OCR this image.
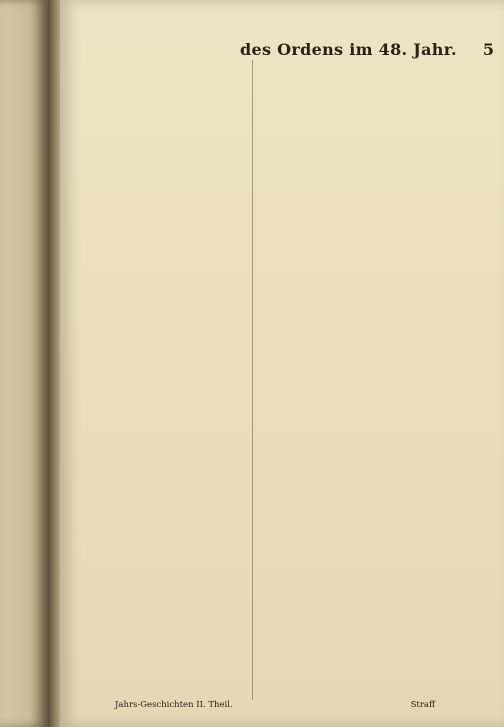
des Ordens im 48. Jahr. 5
Jahrs-Geschichten II. Theil.	Straff
